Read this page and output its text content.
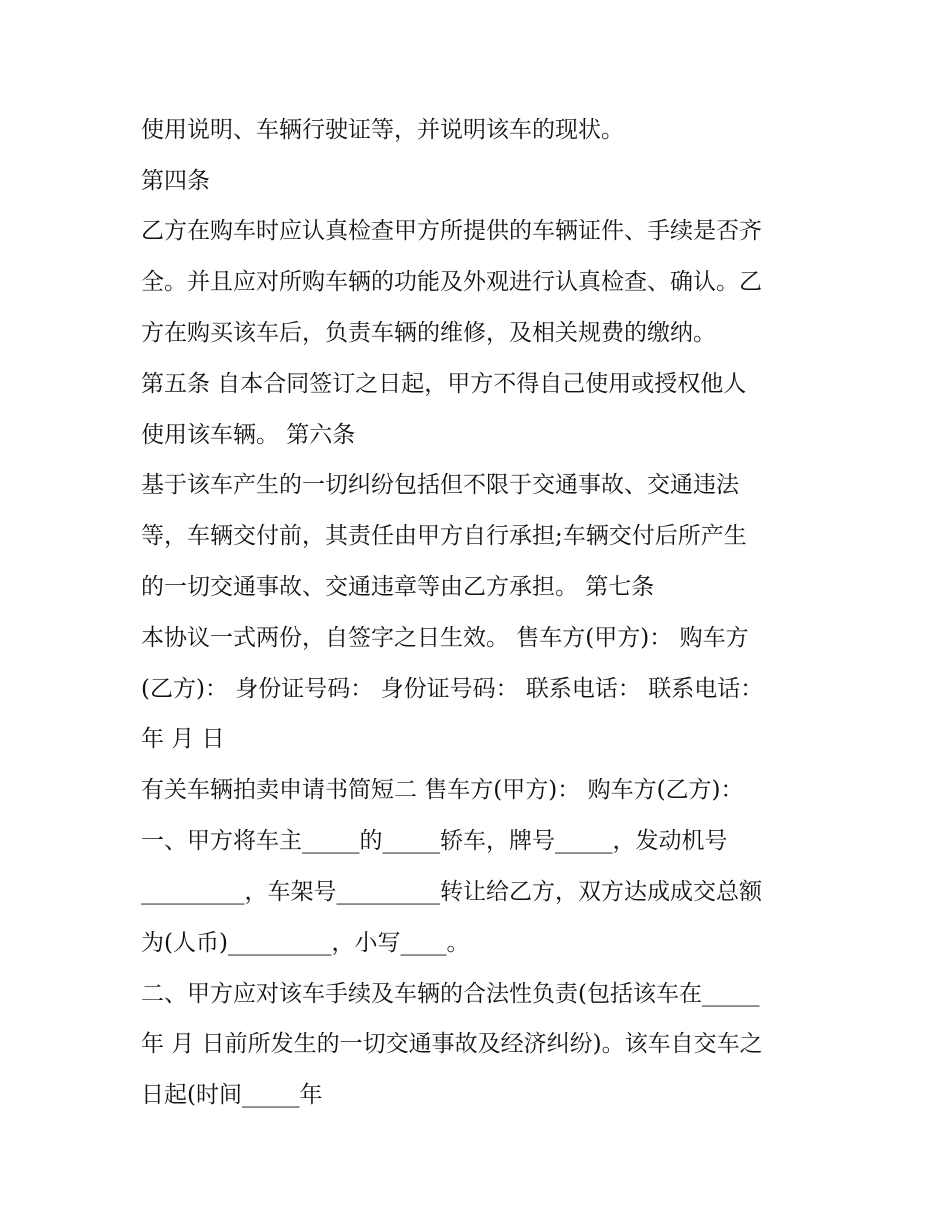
使用说明、车辆行驶证等，并说明该车的现状。
第四条
乙方在购车时应认真检查甲方所提供的车辆证件、手续是否齐
全。并且应对所购车辆的功能及外观进行认真检查、确认。乙
方在购买该车后，负责车辆的维修，及相关规费的缴纳。
第五条 自本合同签订之日起，甲方不得自己使用或授权他人
使用该车辆。 第六条
基于该车产生的一切纠纷包括但不限于交通事故、交通违法
等，车辆交付前，其责任由甲方自行承担;车辆交付后所产生
的一切交通事故、交通违章等由乙方承担。 第七条
本协议一式两份，自签字之日生效。 售车方(甲方)： 购车方
(乙方)： 身份证号码： 身份证号码： 联系电话： 联系电话：
年 月 日
有关车辆拍卖申请书简短二 售车方(甲方)： 购车方(乙方)：
一、甲方将车主_____的_____轿车，牌号_____，发动机号
_________，车架号_________转让给乙方，双方达成成交总额
为(人币)_________，小写____。
二、甲方应对该车手续及车辆的合法性负责(包括该车在_____
年 月 日前所发生的一切交通事故及经济纠纷)。该车自交车之
日起(时间_____年
